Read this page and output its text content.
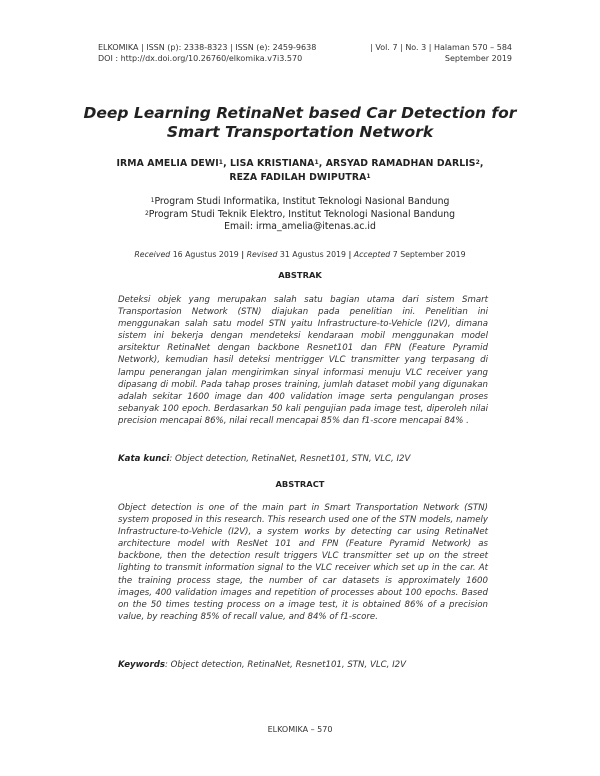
ELKOMIKA | ISSN (p): 2338-8323 | ISSN (e): 2459-9638
DOI : http://dx.doi.org/10.26760/elkomika.v7i3.570
| Vol. 7 | No. 3 | Halaman 570 – 584
September 2019
Deep Learning RetinaNet based Car Detection for
Smart Transportation Network
IRMA AMELIA DEWI$^1$, LISA KRISTIANA$^1$, ARSYAD RAMADHAN DARLIS$^2$,
REZA FADILAH DWIPUTRA$^1$
$^1$Program Studi Informatika, Institut Teknologi Nasional Bandung
$^2$Program Studi Teknik Elektro, Institut Teknologi Nasional Bandung
Email: irma_amelia@itenas.ac.id
Received 16 Agustus 2019 | Revised 31 Agustus 2019 | Accepted 7 September 2019
ABSTRAK
Deteksi objek yang merupakan salah satu bagian utama dari sistem Smart Transportasion Network (STN) diajukan pada penelitian ini. Penelitian ini menggunakan salah satu model STN yaitu Infrastructure-to-Vehicle (I2V), dimana sistem ini bekerja dengan mendeteksi kendaraan mobil menggunakan model arsitektur RetinaNet dengan backbone Resnet101 dan FPN (Feature Pyramid Network), kemudian hasil deteksi mentrigger VLC transmitter yang terpasang di lampu penerangan jalan mengirimkan sinyal informasi menuju VLC receiver yang dipasang di mobil. Pada tahap proses training, jumlah dataset mobil yang digunakan adalah sekitar 1600 image dan 400 validation image serta pengulangan proses sebanyak 100 epoch. Berdasarkan 50 kali pengujian pada image test, diperoleh nilai precision mencapai 86%, nilai recall mencapai 85% dan f1-score mencapai 84% .
Kata kunci: Object detection, RetinaNet, Resnet101, STN, VLC, I2V
ABSTRACT
Object detection is one of the main part in Smart Transportation Network (STN) system proposed in this research. This research used one of the STN models, namely Infrastructure-to-Vehicle (I2V), a system works by detecting car using RetinaNet architecture model with ResNet 101 and FPN (Feature Pyramid Network) as backbone, then the detection result triggers VLC transmitter set up on the street lighting to transmit information signal to the VLC receiver which set up in the car. At the training process stage, the number of car datasets is approximately 1600 images, 400 validation images and repetition of processes about 100 epochs. Based on the 50 times testing process on a image test, it is obtained 86% of a precision value, by reaching 85% of recall value, and 84% of f1-score.
Keywords: Object detection, RetinaNet, Resnet101, STN, VLC, I2V
ELKOMIKA – 570
